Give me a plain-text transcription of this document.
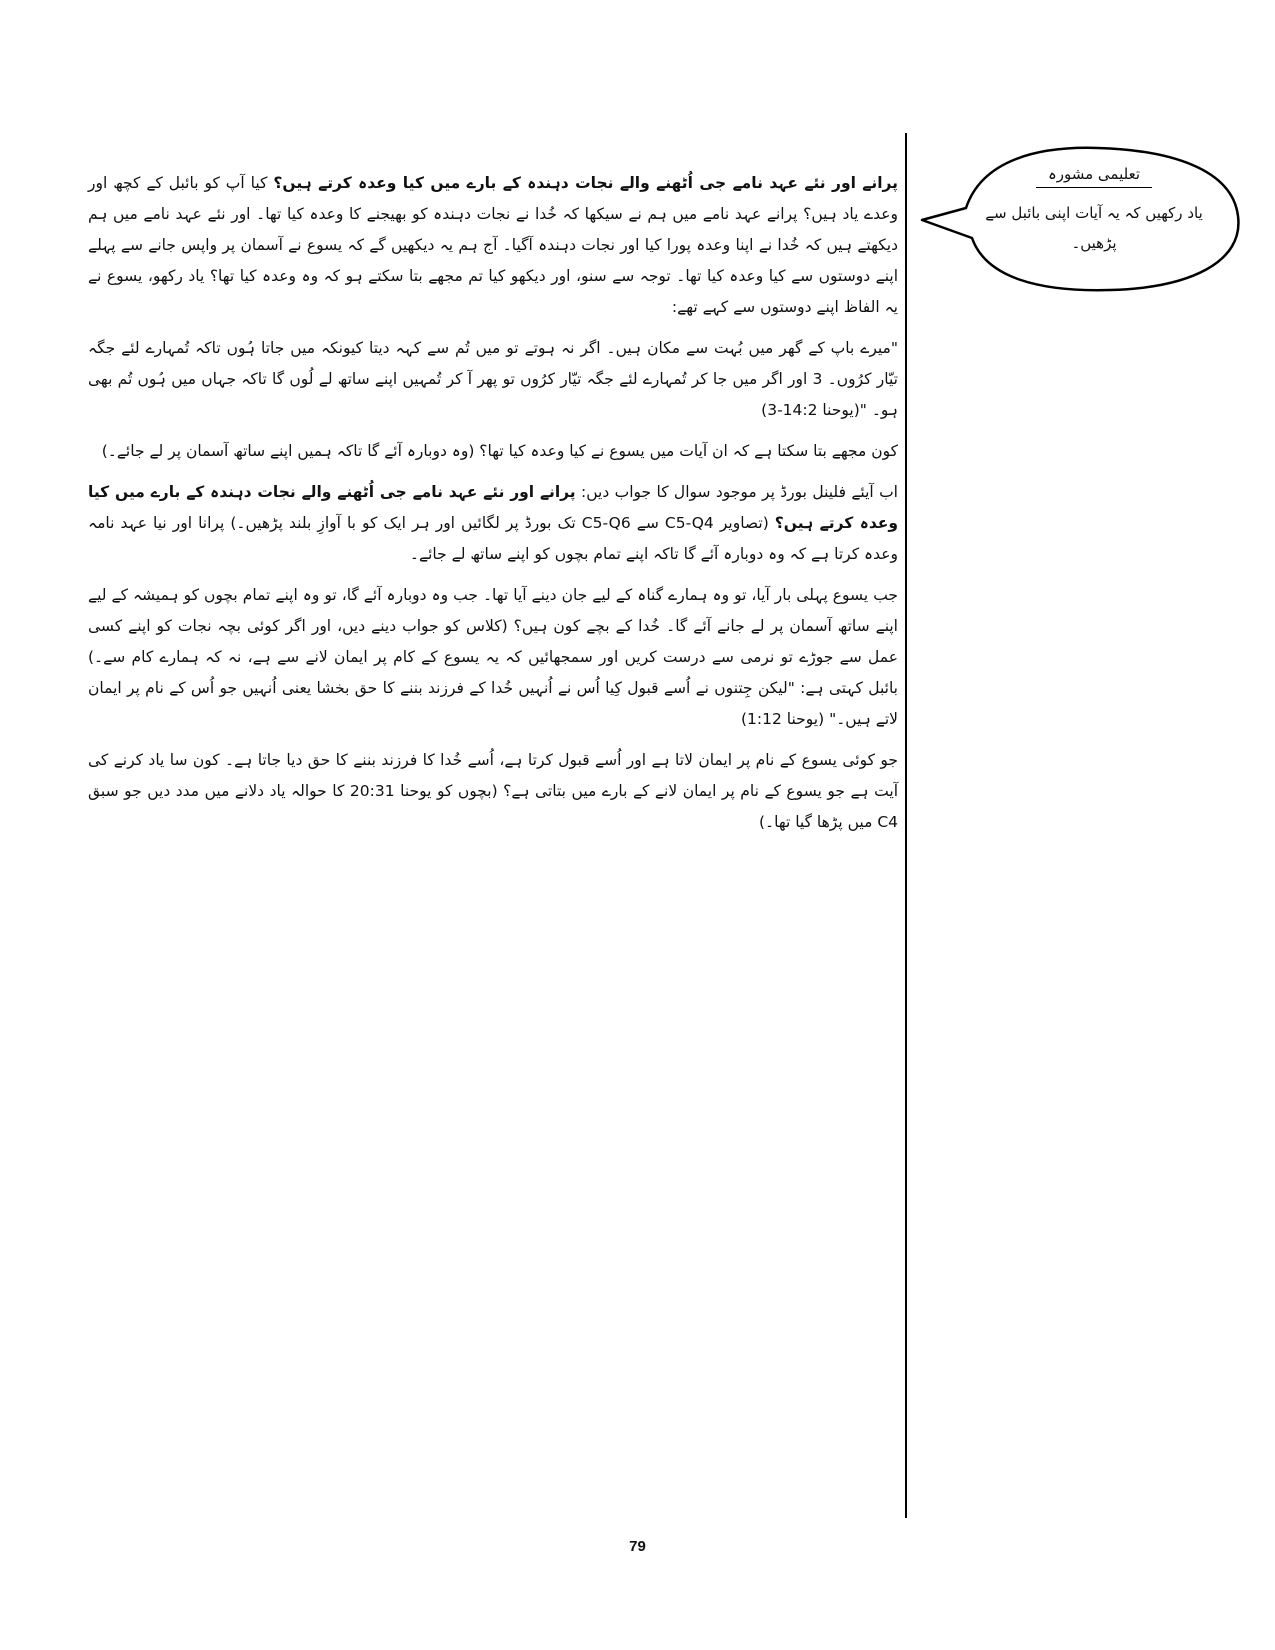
پرانے اور نئے عہد نامے جی اُٹھنے والے نجات دہندہ کے بارے میں کیا وعدہ کرتے ہیں؟ کیا آپ کو بائبل کے کچھ اور وعدے یاد ہیں؟ پرانے عہد نامے میں ہم نے سیکھا کہ خُدا نے نجات دہندہ کو بھیجنے کا وعدہ کیا تھا۔ اور نئے عہد نامے میں ہم دیکھتے ہیں کہ خُدا نے اپنا وعدہ پورا کیا اور نجات دہندہ آگیا۔ آج ہم یہ دیکھیں گے کہ یسوع نے آسمان پر واپس جانے سے پہلے اپنے دوستوں سے کیا وعدہ کیا تھا۔ توجہ سے سنو، اور دیکھو کیا تم مجھے بتا سکتے ہو کہ وہ وعدہ کیا تھا؟ یاد رکھو، یسوع نے یہ الفاظ اپنے دوستوں سے کہے تھے:

"میرے باپ کے گھر میں بُہت سے مکان ہیں۔ اگر نہ ہوتے تو میں تُم سے کہہ دیتا کیونکہ میں جاتا ہُوں تاکہ تُمہارے لئے جگہ تیّار کرُوں۔ 3 اور اگر میں جا کر تُمہارے لئے جگہ تیّار کرُوں تو پھر آ کر تُمہیں اپنے ساتھ لے لُوں گا تاکہ جہاں میں ہُوں تُم بھی ہو۔ "(یوحنا 14:2-3)

کون مجھے بتا سکتا ہے کہ ان آیات میں یسوع نے کیا وعدہ کیا تھا؟ (وہ دوبارہ آئے گا تاکہ ہمیں اپنے ساتھ آسمان پر لے جائے۔)

اب آیئے فلینل بورڈ پر موجود سوال کا جواب دیں: پرانے اور نئے عہد نامے جی اُٹھنے والے نجات دہندہ کے بارے میں کیا وعدہ کرتے ہیں؟ (تصاویر C5-Q4 سے C5-Q6 تک بورڈ پر لگائیں اور ہر ایک کو با آوازِ بلند پڑھیں۔) پرانا اور نیا عہد نامہ وعدہ کرتا ہے کہ وہ دوبارہ آئے گا تاکہ اپنے تمام بچوں کو اپنے ساتھ لے جائے۔

جب یسوع پہلی بار آیا، تو وہ ہمارے گناہ کے لیے جان دینے آیا تھا۔ جب وہ دوبارہ آئے گا، تو وہ اپنے تمام بچوں کو ہمیشہ کے لیے اپنے ساتھ آسمان پر لے جانے آئے گا۔ خُدا کے بچے کون ہیں؟ (کلاس کو جواب دینے دیں، اور اگر کوئی بچہ نجات کو اپنے کسی عمل سے جوڑے تو نرمی سے درست کریں اور سمجھائیں کہ یہ یسوع کے کام پر ایمان لانے سے ہے، نہ کہ ہمارے کام سے۔) بائبل کہتی ہے: "لیکن جِتنوں نے اُسے قبول کِیا اُس نے اُنہیں خُدا کے فرزند بننے کا حق بخشا یعنی اُنہیں جو اُس کے نام پر ایمان لاتے ہیں۔" (یوحنا 1:12)

جو کوئی یسوع کے نام پر ایمان لاتا ہے اور اُسے قبول کرتا ہے، اُسے خُدا کا فرزند بننے کا حق دیا جاتا ہے۔ کون سا یاد کرنے کی آیت ہے جو یسوع کے نام پر ایمان لانے کے بارے میں بتاتی ہے؟ (بچوں کو یوحنا 20:31 کا حوالہ یاد دلانے میں مدد دیں جو سبق C4 میں پڑھا گیا تھا۔)

تعلیمی مشورہ
یاد رکھیں کہ یہ آیات اپنی بائبل سے پڑھیں۔
79
